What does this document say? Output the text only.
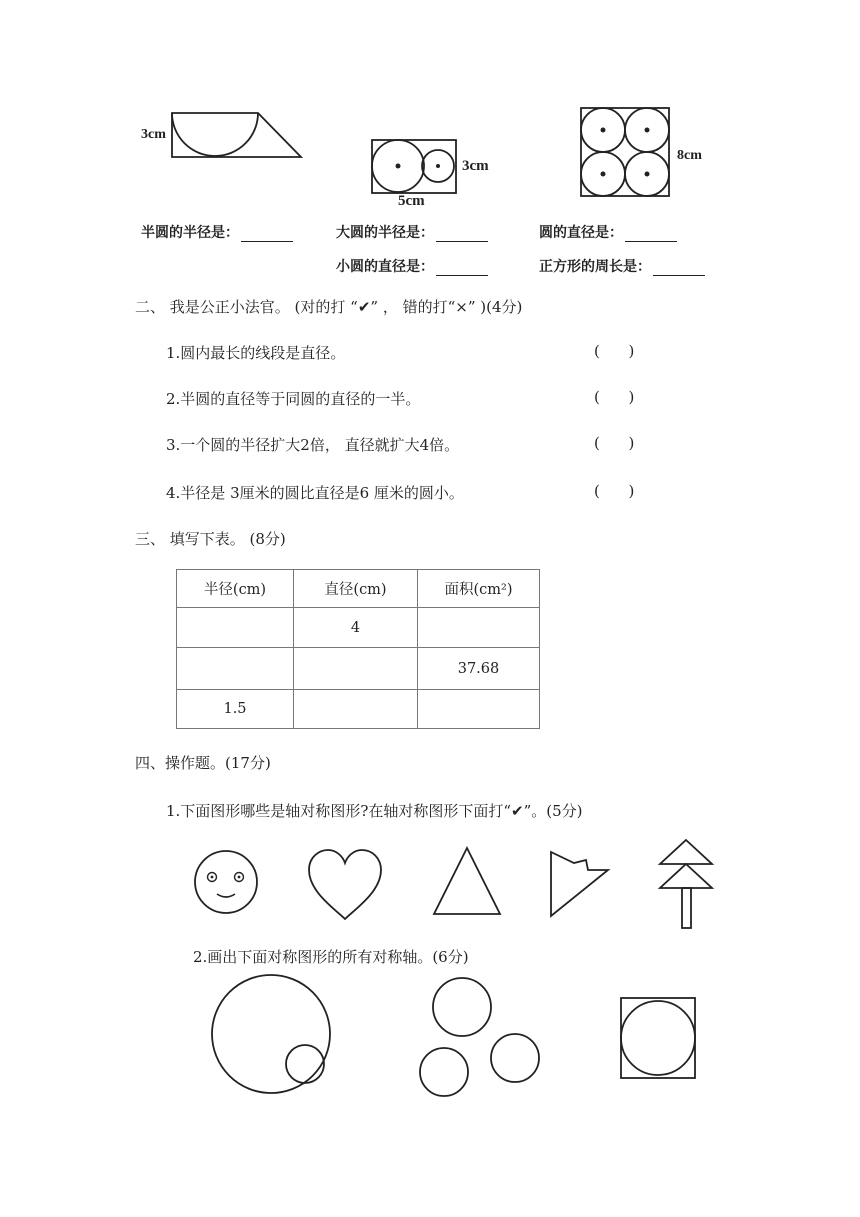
3cm
3cm
5cm
8cm
半圆的半径是：	大圆的半径是：	圆的直径是：
小圆的直径是：	正方形的周长是：
二、 我是公正小法官。 (对的打 “✔” ， 错的打“×” )(4分)
1.圆内最长的线段是直径。	(      )
2.半圆的直径等于同圆的直径的一半。	(      )
3.一个圆的半径扩大2倍， 直径就扩大4倍。	(      )
4.半径是 3厘米的圆比直径是6 厘米的圆小。	(      )
三、 填写下表。 (8分)
半径(cm)	直径(cm)	面积(cm²)
	4	
		37.68
1.5		
四、操作题。(17分)
1.下面图形哪些是轴对称图形?在轴对称图形下面打“✔”。(5分)
2.画出下面对称图形的所有对称轴。(6分)
